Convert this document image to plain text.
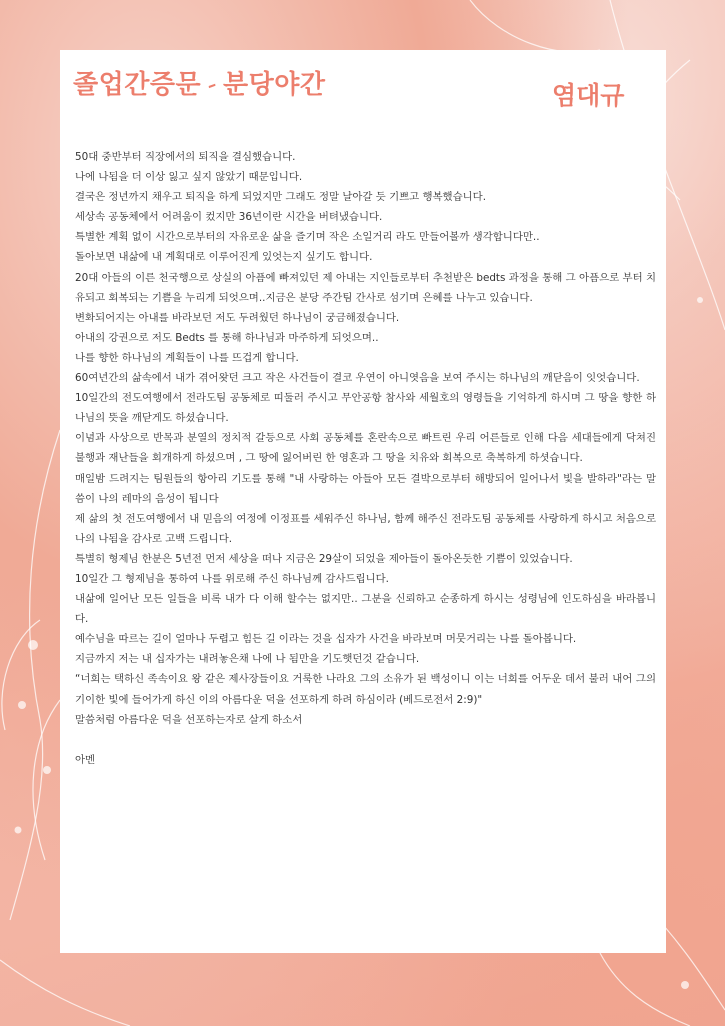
졸업간증문-분당야간	염대규

50대 중반부터 직장에서의 퇴직을 결심했습니다.

나에 나됨을 더 이상 잃고 싶지 않았기 때문입니다.

결국은 정년까지 채우고 퇴직을 하게 되었지만 그래도 정말 날아갈 듯 기쁘고 행복했습니다.

세상속 공동체에서 어려움이 컸지만 36년이란 시간을 버텨냈습니다.

특별한 계획 없이 시간으로부터의 자유로운 삶을 즐기며 작은 소일거리 라도 만들어볼까 생각합니다만..

돌아보면 내삶에 내 계획대로 이루어진게 있엇는지 싶기도 합니다.

20대 아들의 이른 천국행으로 상실의 아픔에 빠져있던 제 아내는 지인들로부터 추천받은 bedts 과정을 통해 그 아픔으로 부터 치유되고 회복되는 기쁨을 누리게 되엇으며..지금은 분당 주간팀 간사로 섬기며 은혜를 나누고 있습니다.

변화되어지는 아내를 바라보던 저도 두려웠던 하나님이 궁금해졌습니다.

아내의 강권으로 저도 Bedts 를 통해 하나님과 마주하게 되엇으며..

나를 향한 하나님의 계획들이 나를 뜨겁게 합니다.

60여년간의 삶속에서 내가 겪어왓던 크고 작은 사건들이 결코 우연이 아니엿음을 보여 주시는 하나님의 깨닫음이 잇엇습니다.

10일간의 전도여행에서 전라도팀 공동체로 띠둘러 주시고 무안공항 참사와 세월호의 영령들을 기억하게 하시며 그 땅을 향한 하나님의 뜻을 깨닫게도 하셨습니다.

이념과 사상으로 반목과 분열의 정치적 갈등으로 사회 공동체를 혼란속으로 빠트린 우리 어른들로 인해 다음 세대들에게 닥쳐진 불행과 재난들을 회개하게 하셨으며 , 그 땅에 잃어버린 한 영혼과 그 땅을 치유와 회복으로 축복하게 하셧습니다.

매일밤 드려지는 팀원들의 항아리 기도를 통해 "내 사랑하는 아들아 모든 결박으로부터 해방되어 일어나서 빛을 발하라"라는 말씀이 나의 레마의 음성이 됩니다

제 삶의 첫 전도여행에서 내 믿음의 여정에 이정표를 세워주신 하나님, 함께 해주신 전라도팀 공동체를 사랑하게 하시고 처음으로 나의 나됨을 감사로 고백 드립니다.

특별히 형제님 한분은 5년전 먼저 세상을 떠나 지금은 29살이 되었을 제아들이 돌아온듯한 기쁨이 있었습니다.

10일간 그 형제님을 통하여 나를 위로해 주신 하나님께 감사드립니다.

내삶에 일어난 모든 일들을 비록 내가 다 이해 할수는 없지만.. 그분을 신뢰하고 순종하게 하시는 성령님에 인도하심을 바라봅니다.

예수님을 따르는 길이 얼마나 두렵고 힘든 길 이라는 것을 십자가 사건을 바라보며 머뭇거리는 나를 돌아봅니다.

지금까지 저는 내 십자가는 내려놓은채 나에 나 됨만을 기도햇던것 같습니다.

“너희는 택하신 족속이요 왕 같은 제사장들이요 거룩한 나라요 그의 소유가 된 백성이니 이는 너희를 어두운 데서 불러 내어 그의 기이한 빛에 들어가게 하신 이의 아름다운 덕을 선포하게 하려 하심이라 (베드로전서 2:9)"

말씀처럼 아름다운 덕을 선포하는자로 살게 하소서

아멘
